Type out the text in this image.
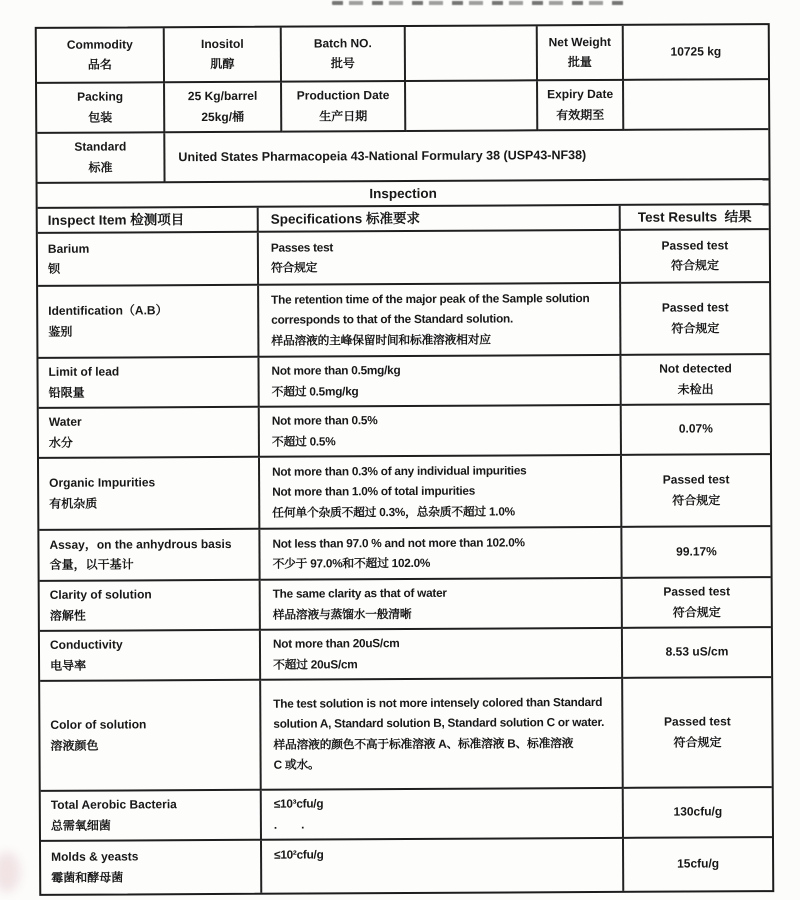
Commodity
品名
Inositol
肌醇
Batch NO.
批号
Net Weight
批量
10725 kg
Packing
包装
25 Kg/barrel
25kg/桶
Production Date
生产日期
Expiry Date
有效期至
Standard
标准
United States Pharmacopeia 43-National Formulary 38 (USP43-NF38)
Inspection
Inspect Item 检测项目	Specifications 标准要求	Test Results  结果
Barium
钡
Passes test
符合规定
Passed test
符合规定
Identification（A.B）
鉴别
The retention time of the major peak of the Sample solution
corresponds to that of the Standard solution.
样品溶液的主峰保留时间和标准溶液相对应
Passed test
符合规定
Limit of lead
铅限量
Not more than 0.5mg/kg
不超过 0.5mg/kg
Not detected
未检出
Water
水分
Not more than 0.5%
不超过 0.5%
0.07%
Organic Impurities
有机杂质
Not more than 0.3% of any individual impurities
Not more than 1.0% of total impurities
任何单个杂质不超过 0.3%，总杂质不超过 1.0%
Passed test
符合规定
Assay，on the anhydrous basis
含量，以干基计
Not less than 97.0 % and not more than 102.0%
不少于 97.0%和不超过 102.0%
99.17%
Clarity of solution
溶解性
The same clarity as that of water
样品溶液与蒸馏水一般清晰
Passed test
符合规定
Conductivity
电导率
Not more than 20uS/cm
不超过 20uS/cm
8.53 uS/cm
Color of solution
溶液颜色
The test solution is not more intensely colored than Standard
solution A, Standard solution B, Standard solution C or water.
样品溶液的颜色不高于标准溶液 A、标准溶液 B、标准溶液
C 或水。
Passed test
符合规定
Total Aerobic Bacteria
总需氧细菌
≤10³cfu/g
.        .
130cfu/g
Molds & yeasts
霉菌和酵母菌
≤10²cfu/g
15cfu/g
